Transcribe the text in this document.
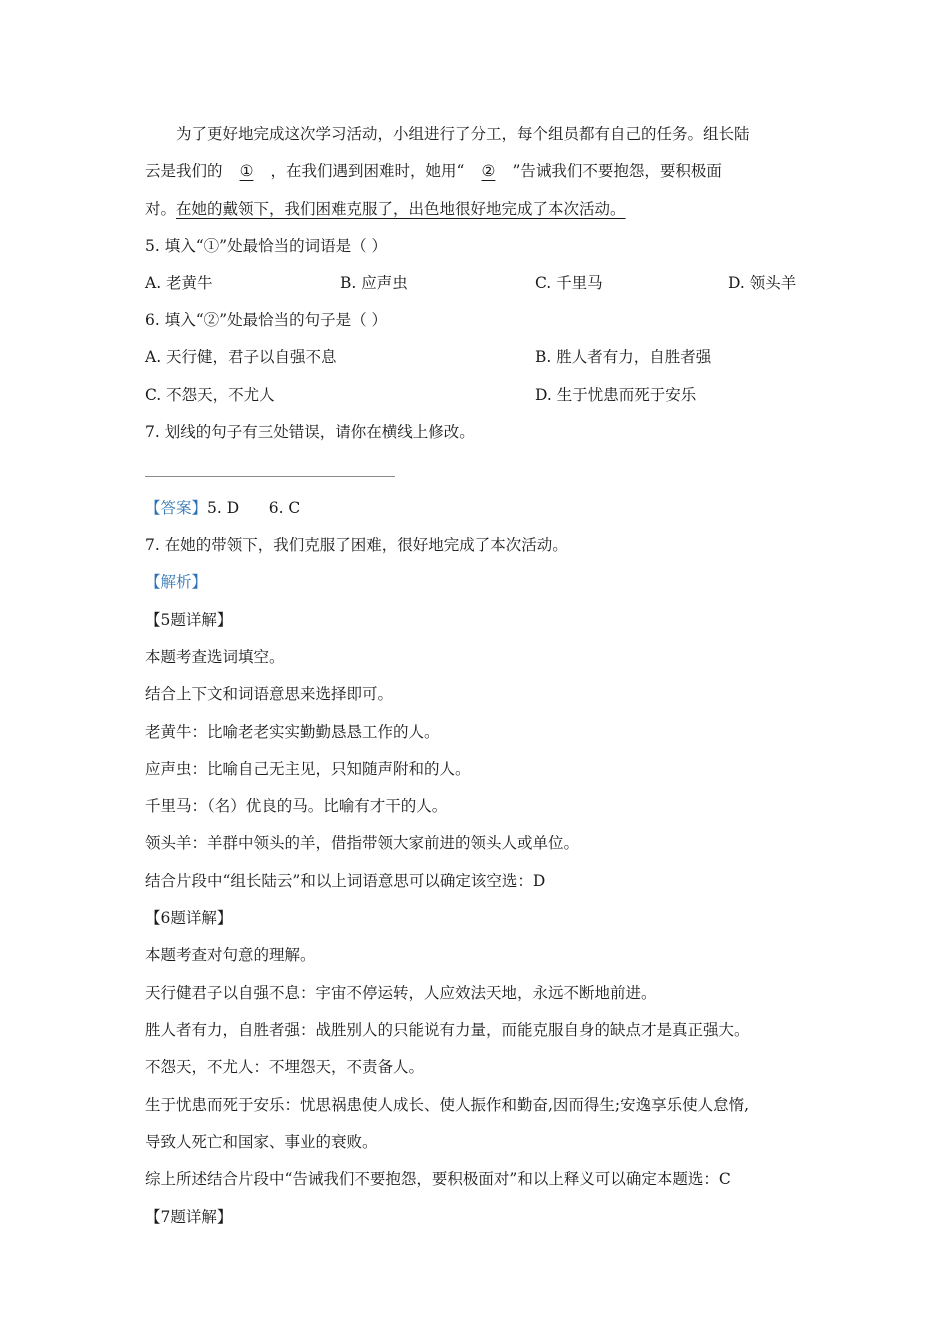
为了更好地完成这次学习活动，小组进行了分工，每个组员都有自己的任务。组长陆
云是我们的 ① ，在我们遇到困难时，她用“ ② ”告诫我们不要抱怨，要积极面
对。在她的戴领下，我们困难克服了，出色地很好地完成了本次活动。
5. 填入“①”处最恰当的词语是（ ）
A. 老黄牛	B. 应声虫	C. 千里马	D. 领头羊
6. 填入“②”处最恰当的句子是（ ）
A. 天行健，君子以自强不息	B. 胜人者有力，自胜者强
C. 不怨天，不尤人	D. 生于忧患而死于安乐
7. 划线的句子有三处错误，请你在横线上修改。
【答案】5. D      6. C
7. 在她的带领下，我们克服了困难，很好地完成了本次活动。
【解析】
【5题详解】
本题考查选词填空。
结合上下文和词语意思来选择即可。
老黄牛：比喻老老实实勤勤恳恳工作的人。
应声虫：比喻自己无主见，只知随声附和的人。
千里马：（名）优良的马。比喻有才干的人。
领头羊：羊群中领头的羊，借指带领大家前进的领头人或单位。
结合片段中“组长陆云”和以上词语意思可以确定该空选：D
【6题详解】
本题考查对句意的理解。
天行健君子以自强不息：宇宙不停运转，人应效法天地，永远不断地前进。
胜人者有力，自胜者强：战胜别人的只能说有力量，而能克服自身的缺点才是真正强大。
不怨天，不尤人：不埋怨天，不责备人。
生于忧患而死于安乐：忧思祸患使人成长、使人振作和勤奋,因而得生;安逸享乐使人怠惰,
导致人死亡和国家、事业的衰败。
综上所述结合片段中“告诫我们不要抱怨，要积极面对”和以上释义可以确定本题选：C
【7题详解】
